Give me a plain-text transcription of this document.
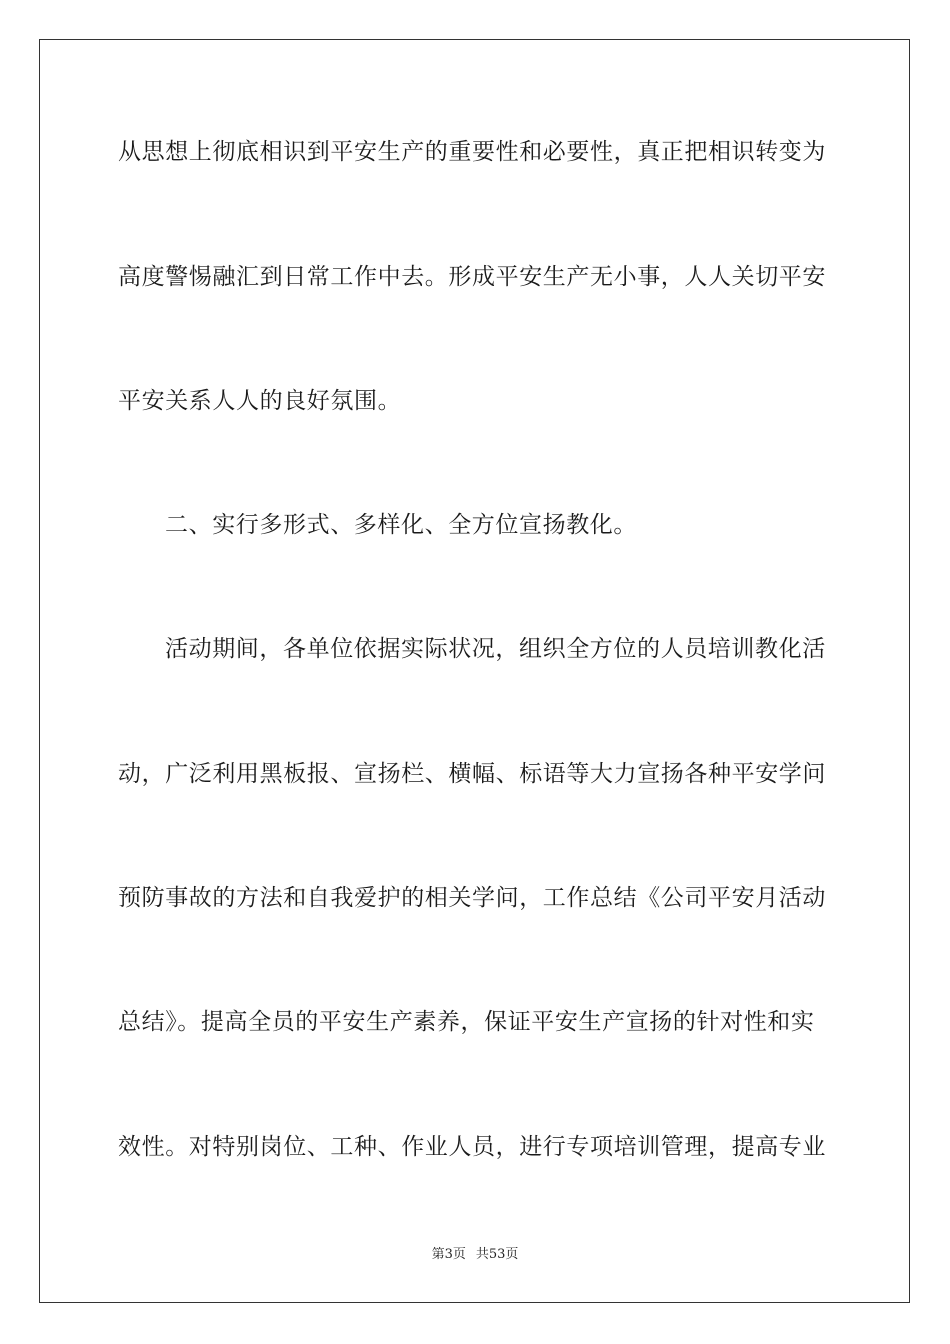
从思想上彻底相识到平安生产的重要性和必要性，真正把相识转变为
高度警惕融汇到日常工作中去。形成平安生产无小事，人人关切平安
平安关系人人的良好氛围。
二、实行多形式、多样化、全方位宣扬教化。
活动期间，各单位依据实际状况，组织全方位的人员培训教化活
动，广泛利用黑板报、宣扬栏、横幅、标语等大力宣扬各种平安学问
预防事故的方法和自我爱护的相关学问，工作总结《公司平安月活动
总结》。提高全员的平安生产素养，保证平安生产宣扬的针对性和实
效性。对特别岗位、工种、作业人员，进行专项培训管理，提高专业
第3页 共53页
